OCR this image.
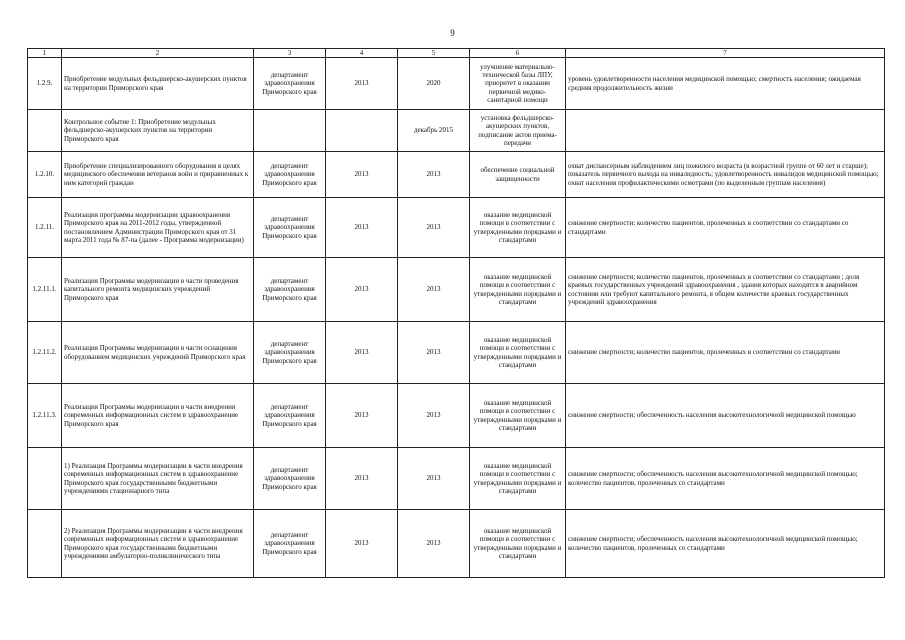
9
1	2	3	4	5	6	7
1.2.9.	Приобретение модульных фельдшерско-акушерских пунктов на территории Приморского края	департамент здравоохранения Приморского края	2013	2020	улучшение материально-технической базы ЛПУ, приоритет в оказании первичной медико-санитарной помощи	уровень удовлетворенности населения медицинской помощью; смертность населения; ожидаемая средняя продолжительность жизни
	Контрольное событие 1: Приобретение модульных фельдшерско-акушерских пунктов на территории Приморского края			декабрь 2015	установка фельдшерско-акушерских пунктов, подписание актов приема-передачи	
1.2.10.	Приобретение специализированного оборудования в целях медицинского обеспечения ветеранов войн и приравненных к ним категорий граждан	департамент здравоохранения Приморского края	2013	2013	обеспечение социальной защищенности	охват диспансерным наблюдением лиц пожилого возраста (в возрастной группе от 60 лет и старше); показатель первичного выхода на инвалидность; удовлетворенность инвалидов медицинской помощью; охват населения профилактическими осмотрами (по выделенным группам населения)
1.2.11.	Реализация программы модернизации здравоохранения Приморского края на 2011-2012 годы, утвержденной постановлением Администрации Приморского края от 31 марта 2011 года № 87-па (далее - Программа модернизации)	департамент здравоохранения Приморского края	2013	2013	оказание медицинской помощи в соответствии с утвержденными порядками и стандартами	снижение смертности; количество пациентов, пролеченных в соответствии со стандартами со стандартами
1.2.11.1.	Реализация Программы модернизации в части проведения капитального ремонта медицинских учреждений Приморского края	департамент здравоохранения Приморского края	2013	2013	оказание медицинской помощи в соответствии с утвержденными порядками и стандартами	снижение смертности; количество пациентов, пролеченных в соответствии со стандартами ; доля краевых государственных учреждений здравоохранения , здания которых находятся в аварийном состоянии или требуют капитального ремонта, в общем количестве краевых государственных учреждений здравоохранения
1.2.11.2.	Реализация Программы модернизации в части оснащения оборудованием медицинских учреждений Приморского края	департамент здравоохранения Приморского края	2013	2013	оказание медицинской помощи в соответствии с утвержденными порядками и стандартами	снижение смертности; количество пациентов, пролеченных в соответствии со стандартами
1.2.11.3.	Реализация Программы модернизации в части внедрения современных информационных систем в здравоохранение Приморского края	департамент здравоохранения Приморского края	2013	2013	оказание медицинской помощи в соответствии с утвержденными порядками и стандартами	снижение смертности; обеспеченность населения высокотехнологичной медицинской помощью
	1) Реализация Программы модернизации в части внедрения современных информационных систем в здравоохранение Приморского края государственными бюджетными учреждениями стационарного типа	департамент здравоохранения Приморского края	2013	2013	оказание медицинской помощи в соответствии с утвержденными порядками и стандартами	снижение смертности; обеспеченность населения высокотехнологичной медицинской помощью; количество пациентов, пролеченных со стандартами
	2) Реализация Программы модернизации в части внедрения современных информационных систем в здравоохранение Приморского края государственными бюджетными учреждениями амбулаторно-поликлинического типа	департамент здравоохранения Приморского края	2013	2013	оказание медицинской помощи в соответствии с утвержденными порядками и стандартами	снижение смертности; обеспеченность населения высокотехнологичной медицинской помощью; количество пациентов, пролеченных со стандартами
